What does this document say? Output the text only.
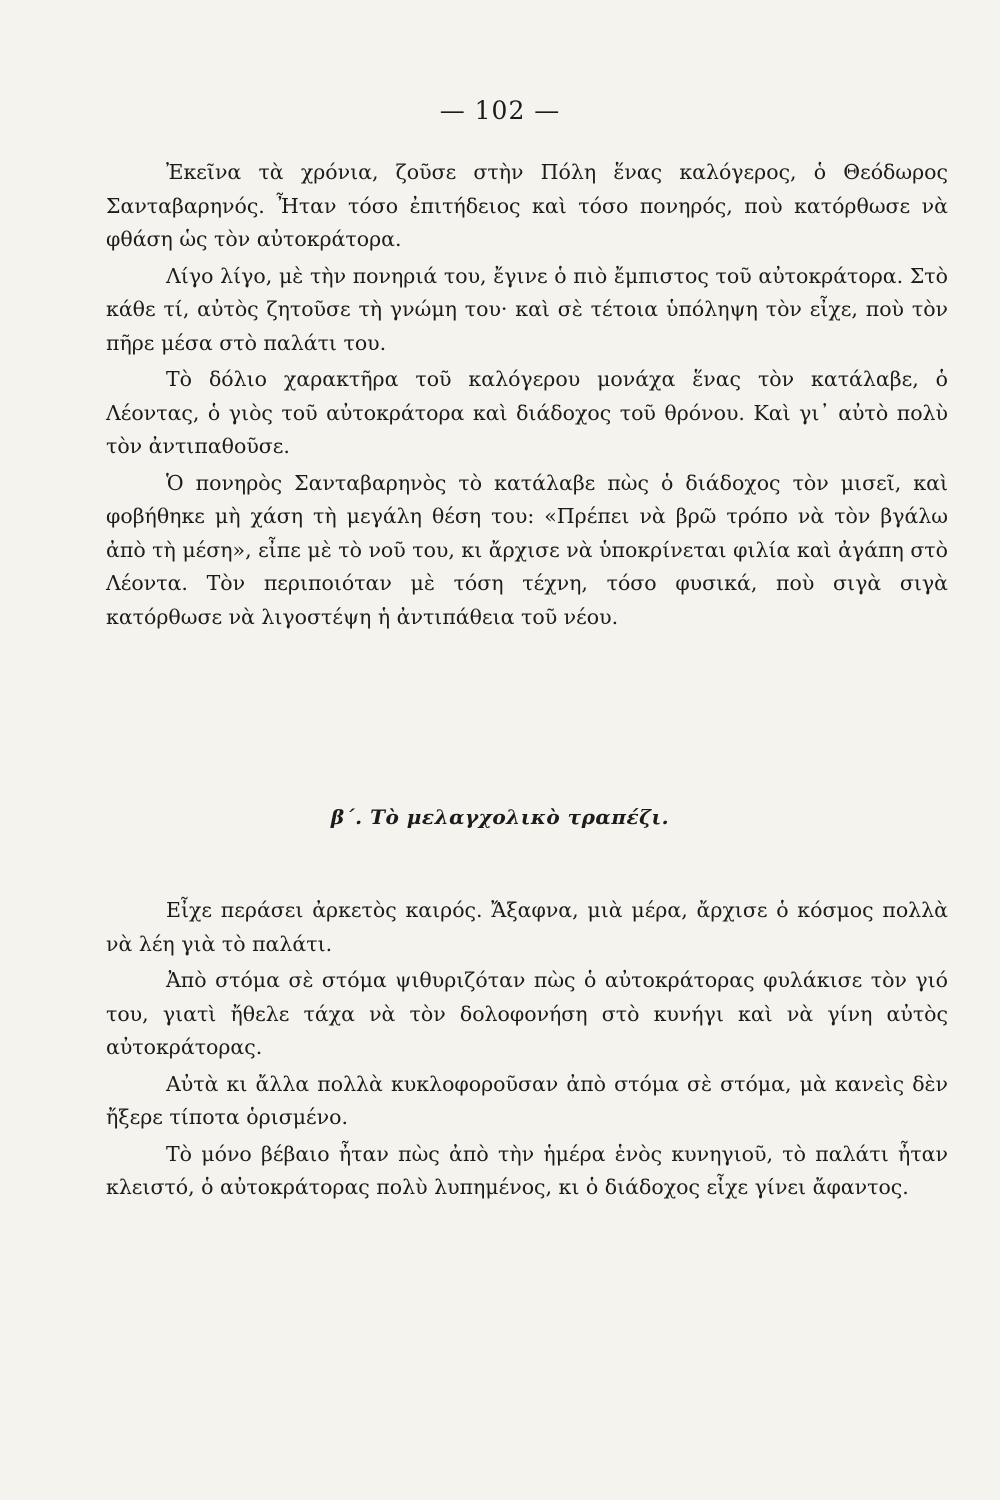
— 102 —

Ἐκεῖνα τὰ χρόνια, ζοῦσε στὴν Πόλη ἕνας καλόγερος, ὁ Θεόδωρος Σανταβαρηνός. Ἦταν τόσο ἐπιτήδειος καὶ τόσο πονηρός, ποὺ κατόρθωσε νὰ φθάση ὡς τὸν αὐτοκράτορα.

Λίγο λίγο, μὲ τὴν πονηριά του, ἔγινε ὁ πιὸ ἔμπιστος τοῦ αὐτοκράτορα. Στὸ κάθε τί, αὐτὸς ζητοῦσε τὴ γνώμη του· καὶ σὲ τέτοια ὑπόληψη τὸν εἶχε, ποὺ τὸν πῆρε μέσα στὸ παλάτι του.

Τὸ δόλιο χαρακτῆρα τοῦ καλόγερου μονάχα ἕνας τὸν κατάλαβε, ὁ Λέοντας, ὁ γιὸς τοῦ αὐτοκράτορα καὶ διάδοχος τοῦ θρόνου. Καὶ γι᾿ αὐτὸ πολὺ τὸν ἀντιπαθοῦσε.

Ὁ πονηρὸς Σανταβαρηνὸς τὸ κατάλαβε πὼς ὁ διάδοχος τὸν μισεῖ, καὶ φοβήθηκε μὴ χάση τὴ μεγάλη θέση του: «Πρέπει νὰ βρῶ τρόπο νὰ τὸν βγάλω ἀπὸ τὴ μέση», εἶπε μὲ τὸ νοῦ του, κι ἄρχισε νὰ ὑποκρίνεται φιλία καὶ ἀγάπη στὸ Λέοντα. Τὸν περιποιόταν μὲ τόση τέχνη, τόσο φυσικά, ποὺ σιγὰ σιγὰ κατόρθωσε νὰ λιγοστέψη ἡ ἀντιπάθεια τοῦ νέου.

β΄. Τὸ μελαγχολικὸ τραπέζι.

Εἶχε περάσει ἀρκετὸς καιρός. Ἄξαφνα, μιὰ μέρα, ἄρχισε ὁ κόσμος πολλὰ νὰ λέη γιὰ τὸ παλάτι.

Ἀπὸ στόμα σὲ στόμα ψιθυριζόταν πὼς ὁ αὐτοκράτορας φυλάκισε τὸν γιό του, γιατὶ ἤθελε τάχα νὰ τὸν δολοφονήση στὸ κυνήγι καὶ νὰ γίνη αὐτὸς αὐτοκράτορας.

Αὐτὰ κι ἄλλα πολλὰ κυκλοφοροῦσαν ἀπὸ στόμα σὲ στόμα, μὰ κανεὶς δὲν ἤξερε τίποτα ὁρισμένο.

Τὸ μόνο βέβαιο ἦταν πὼς ἀπὸ τὴν ἡμέρα ἑνὸς κυνηγιοῦ, τὸ παλάτι ἦταν κλειστό, ὁ αὐτοκράτορας πολὺ λυπημένος, κι ὁ διάδοχος εἶχε γίνει ἄφαντος.
